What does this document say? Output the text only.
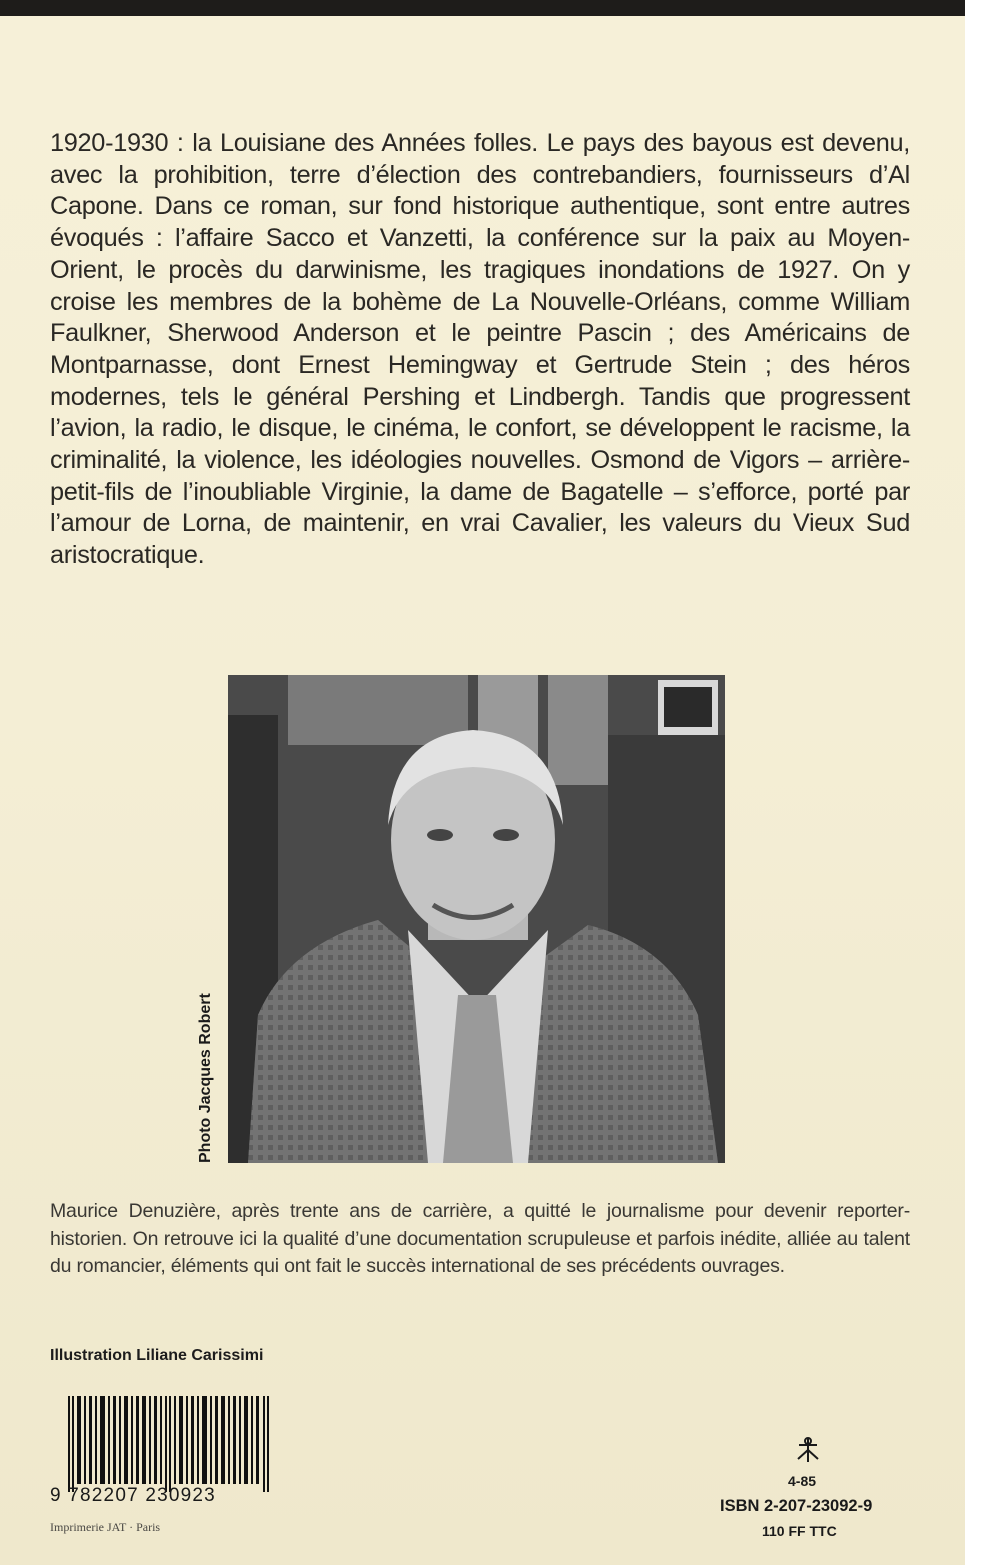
1920-1930 : la Louisiane des Années folles. Le pays des bayous est devenu, avec la prohibition, terre d’élection des contrebandiers, fournisseurs d’Al Capone. Dans ce roman, sur fond historique authentique, sont entre autres évoqués : l’affaire Sacco et Vanzetti, la conférence sur la paix au Moyen-Orient, le procès du darwinisme, les tragiques inondations de 1927. On y croise les membres de la bohème de La Nouvelle-Orléans, comme William Faulkner, Sherwood Anderson et le peintre Pascin ; des Américains de Montparnasse, dont Ernest Hemingway et Gertrude Stein ; des héros modernes, tels le général Pershing et Lindbergh. Tandis que progressent l’avion, la radio, le disque, le cinéma, le confort, se développent le racisme, la criminalité, la violence, les idéologies nouvelles. Osmond de Vigors – arrière-petit-fils de l’inoubliable Virginie, la dame de Bagatelle – s’efforce, porté par l’amour de Lorna, de maintenir, en vrai Cavalier, les valeurs du Vieux Sud aristocratique.

Photo Jacques Robert

Maurice Denuzière, après trente ans de carrière, a quitté le journalisme pour devenir reporter-historien. On retrouve ici la qualité d’une documentation scrupuleuse et parfois inédite, alliée au talent du romancier, éléments qui ont fait le succès international de ses précédents ouvrages.

Illustration Liliane Carissimi
9 782207 230923
Imprimerie JAT · Paris
4-85
ISBN 2-207-23092-9
110 FF TTC
